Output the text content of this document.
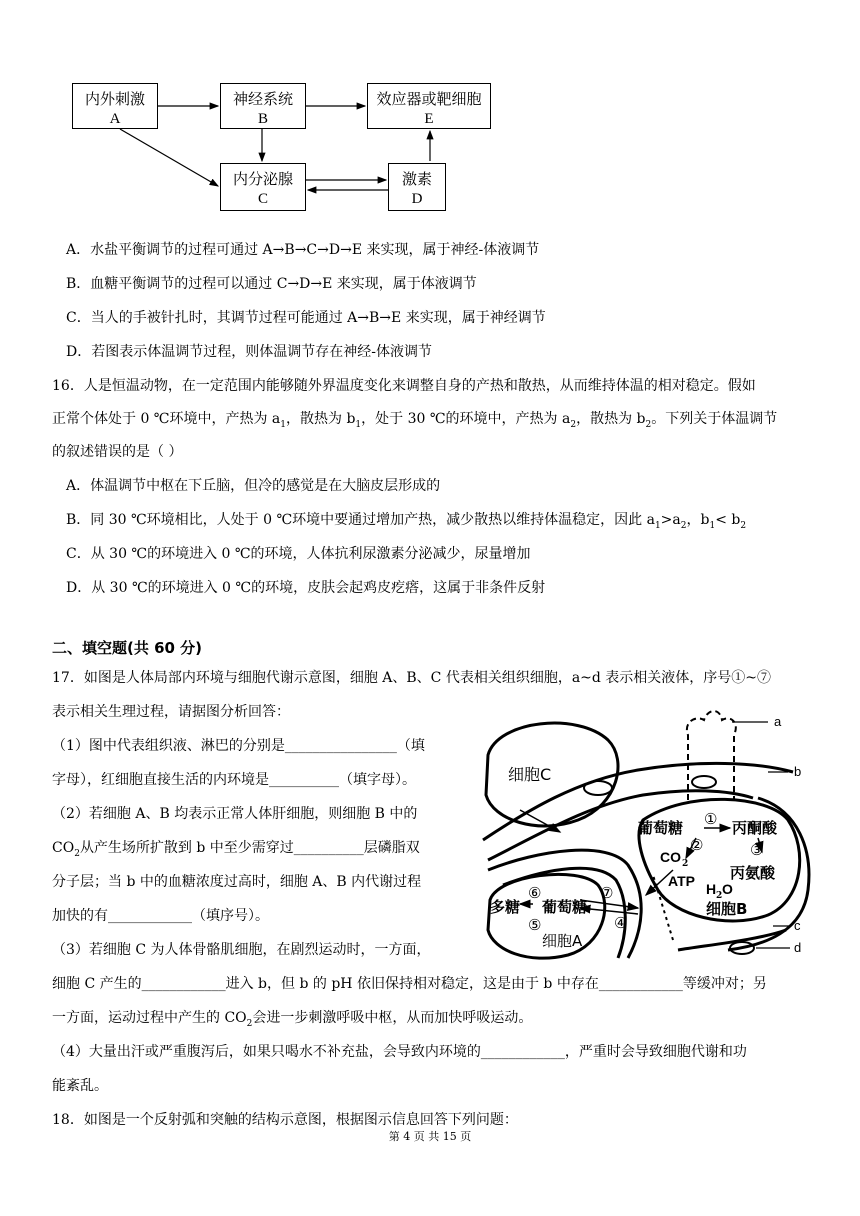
内外刺激
A
神经系统
B
效应器或靶细胞
E
内分泌腺
C
激素
D
A．水盐平衡调节的过程可通过 A→B→C→D→E 来实现，属于神经-体液调节
B．血糖平衡调节的过程可以通过 C→D→E 来实现，属于体液调节
C．当人的手被针扎时，其调节过程可能通过 A→B→E 来实现，属于神经调节
D．若图表示体温调节过程，则体温调节存在神经-体液调节
16．人是恒温动物，在一定范围内能够随外界温度变化来调整自身的产热和散热，从而维持体温的相对稳定。假如
正常个体处于 0 ℃环境中，产热为 $a_1$，散热为 $b_1$，处于 30 ℃的环境中，产热为 $a_2$，散热为 $b_2$。下列关于体温调节
的叙述错误的是（ ）
A．体温调节中枢在下丘脑，但冷的感觉是在大脑皮层形成的
B．同 30 ℃环境相比，人处于 0 ℃环境中要通过增加产热，减少散热以维持体温稳定，因此 $a_1>a_2$，$b_1< b_2$
C．从 30 ℃的环境进入 0 ℃的环境，人体抗利尿激素分泌减少，尿量增加
D．从 30 ℃的环境进入 0 ℃的环境，皮肤会起鸡皮疙瘩，这属于非条件反射
二、填空题(共 60 分)
17．如图是人体局部内环境与细胞代谢示意图，细胞 A、B、C 代表相关组织细胞，a~d 表示相关液体，序号①~⑦
表示相关生理过程，请据图分析回答：
（1）图中代表组织液、淋巴的分别是________________（填
字母），红细胞直接生活的内环境是__________（填字母）。
（2）若细胞 A、B 均表示正常人体肝细胞，则细胞 B 中的
$CO_2$从产生场所扩散到 b 中至少需穿过__________层磷脂双
分子层；当 b 中的血糖浓度过高时，细胞 A、B 内代谢过程
加快的有____________（填序号）。
（3）若细胞 C 为人体骨骼肌细胞，在剧烈运动时，一方面，
细胞 C 产生的____________进入 b，但 b 的 pH 依旧保持相对稳定，这是由于 b 中存在____________等缓冲对；另
一方面，运动过程中产生的 $CO_2$会进一步刺激呼吸中枢，从而加快呼吸运动。
（4）大量出汗或严重腹泻后，如果只喝水不补充盐，会导致内环境的____________，严重时会导致细胞代谢和功
能紊乱。
a
b
c
d
细胞C
葡萄糖 ① 丙酮酸
②
CO 2
③
ATP H 2 O
丙氨酸
细胞B
⑥
多糖 葡萄糖
⑦
⑤	④
细胞A
18．如图是一个反射弧和突触的结构示意图，根据图示信息回答下列问题：
第 4 页 共 15 页
